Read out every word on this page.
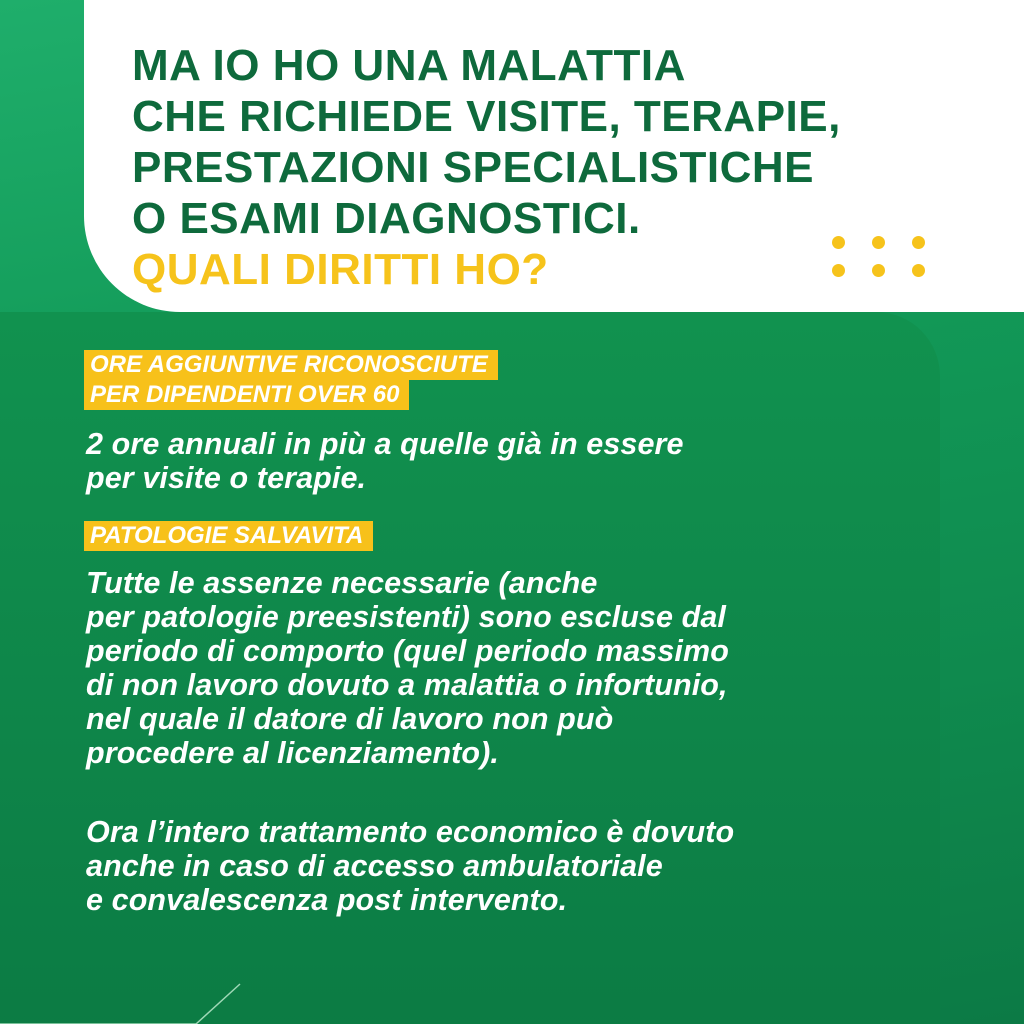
MA IO HO UNA MALATTIA
CHE RICHIEDE VISITE, TERAPIE,
PRESTAZIONI SPECIALISTICHE
O ESAMI DIAGNOSTICI.
QUALI DIRITTI HO?
ORE AGGIUNTIVE RICONOSCIUTE
PER DIPENDENTI OVER 60

2 ore annuali in più a quelle già in essere
per visite o terapie.

PATOLOGIE SALVAVITA

Tutte le assenze necessarie (anche
per patologie preesistenti) sono escluse dal
periodo di comporto (quel periodo massimo
di non lavoro dovuto a malattia o infortunio,
nel quale il datore di lavoro non può
procedere al licenziamento).

Ora l’intero trattamento economico è dovuto
anche in caso di accesso ambulatoriale
e convalescenza post intervento.
